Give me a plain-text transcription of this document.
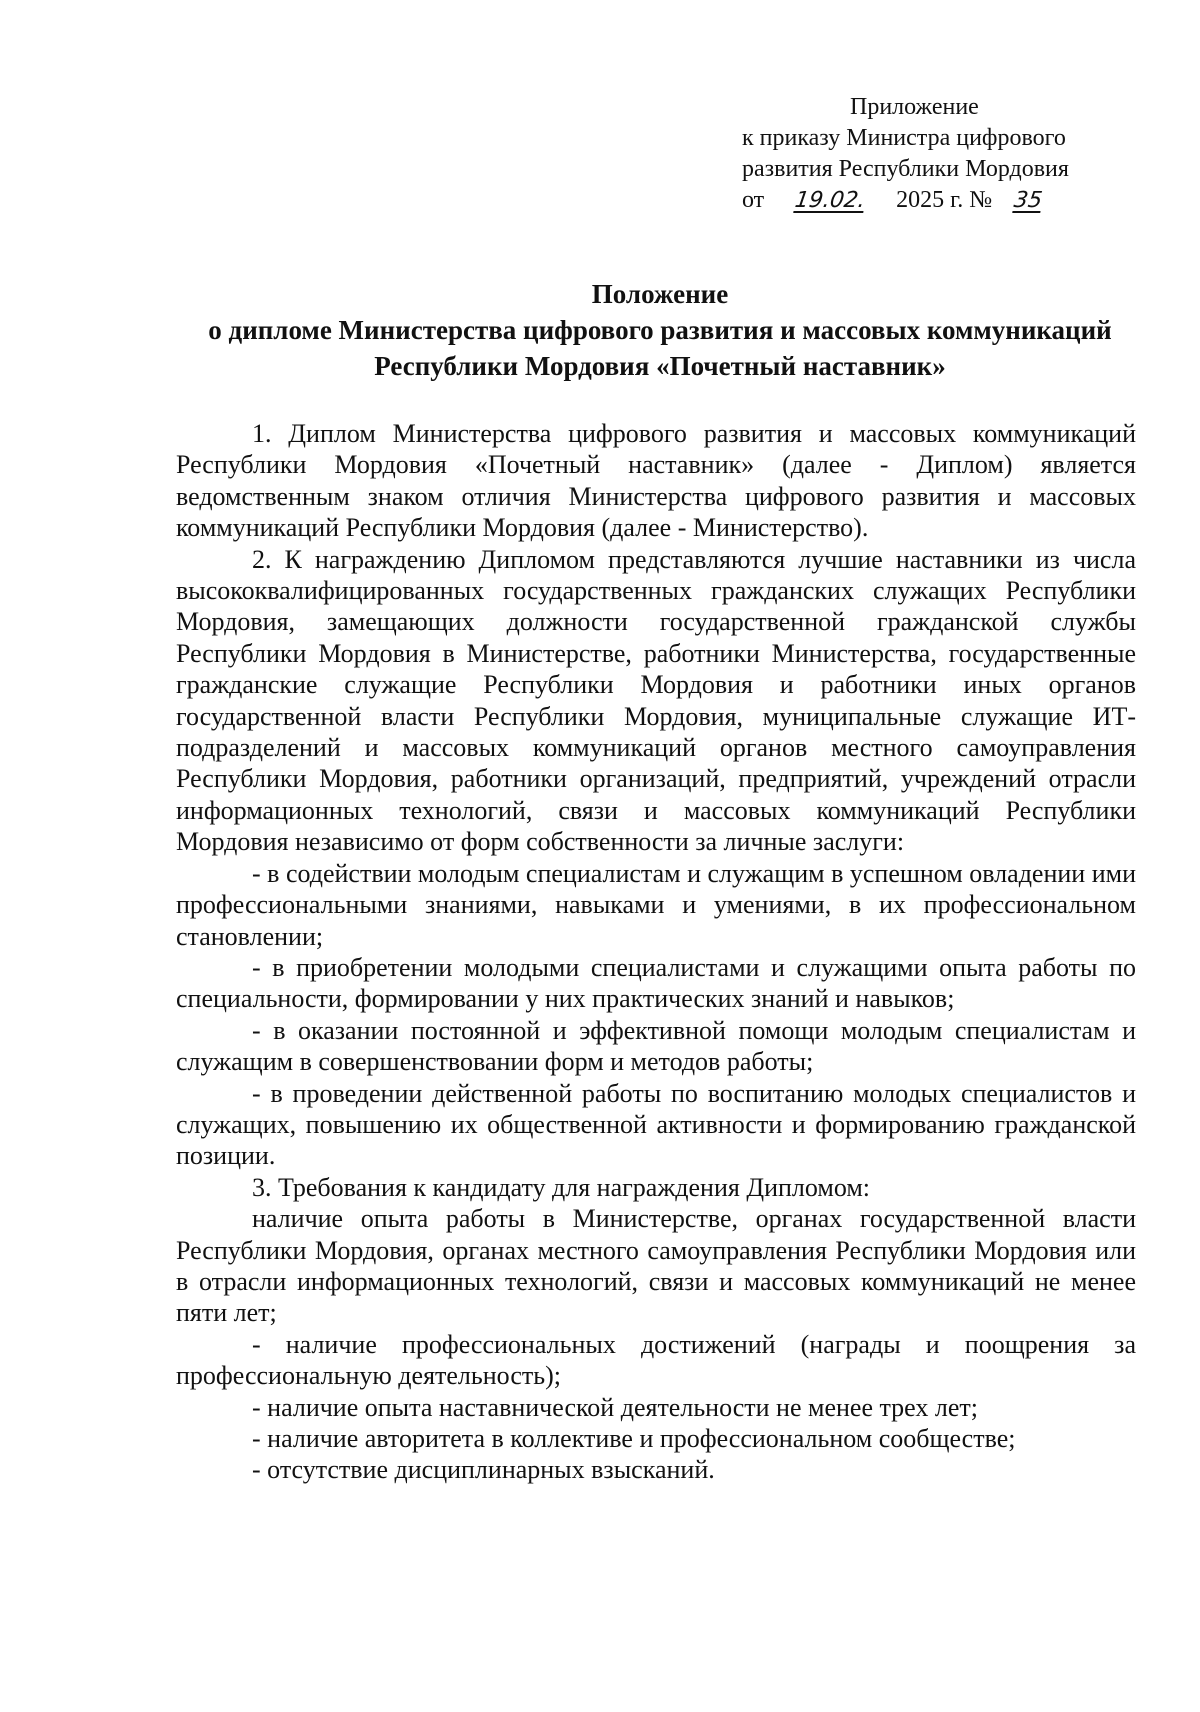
Приложение
к приказу Министра цифрового
развития Республики Мордовия
от 19.02. 2025 г. № 35
Положение
о дипломе Министерства цифрового развития и массовых коммуникаций
Республики Мордовия «Почетный наставник»

1. Диплом Министерства цифрового развития и массовых коммуникаций Республики Мордовия «Почетный наставник» (далее - Диплом) является ведомственным знаком отличия Министерства цифрового развития и массовых коммуникаций Республики Мордовия (далее - Министерство).

2. К награждению Дипломом представляются лучшие наставники из числа высококвалифицированных государственных гражданских служащих Республики Мордовия, замещающих должности государственной гражданской службы Республики Мордовия в Министерстве, работники Министерства, государственные гражданские служащие Республики Мордовия и работники иных органов государственной власти Республики Мордовия, муниципальные служащие ИТ-подразделений и массовых коммуникаций органов местного самоуправления Республики Мордовия, работники организаций, предприятий, учреждений отрасли информационных технологий, связи и массовых коммуникаций Республики Мордовия независимо от форм собственности за личные заслуги:

- в содействии молодым специалистам и служащим в успешном овладении ими профессиональными знаниями, навыками и умениями, в их профессиональном становлении;

- в приобретении молодыми специалистами и служащими опыта работы по специальности, формировании у них практических знаний и навыков;

- в оказании постоянной и эффективной помощи молодым специалистам и служащим в совершенствовании форм и методов работы;

- в проведении действенной работы по воспитанию молодых специалистов и служащих, повышению их общественной активности и формированию гражданской позиции.

3. Требования к кандидату для награждения Дипломом:

наличие опыта работы в Министерстве, органах государственной власти Республики Мордовия, органах местного самоуправления Республики Мордовия или в отрасли информационных технологий, связи и массовых коммуникаций не менее пяти лет;

- наличие профессиональных достижений (награды и поощрения за профессиональную деятельность);

- наличие опыта наставнической деятельности не менее трех лет;

- наличие авторитета в коллективе и профессиональном сообществе;

- отсутствие дисциплинарных взысканий.
